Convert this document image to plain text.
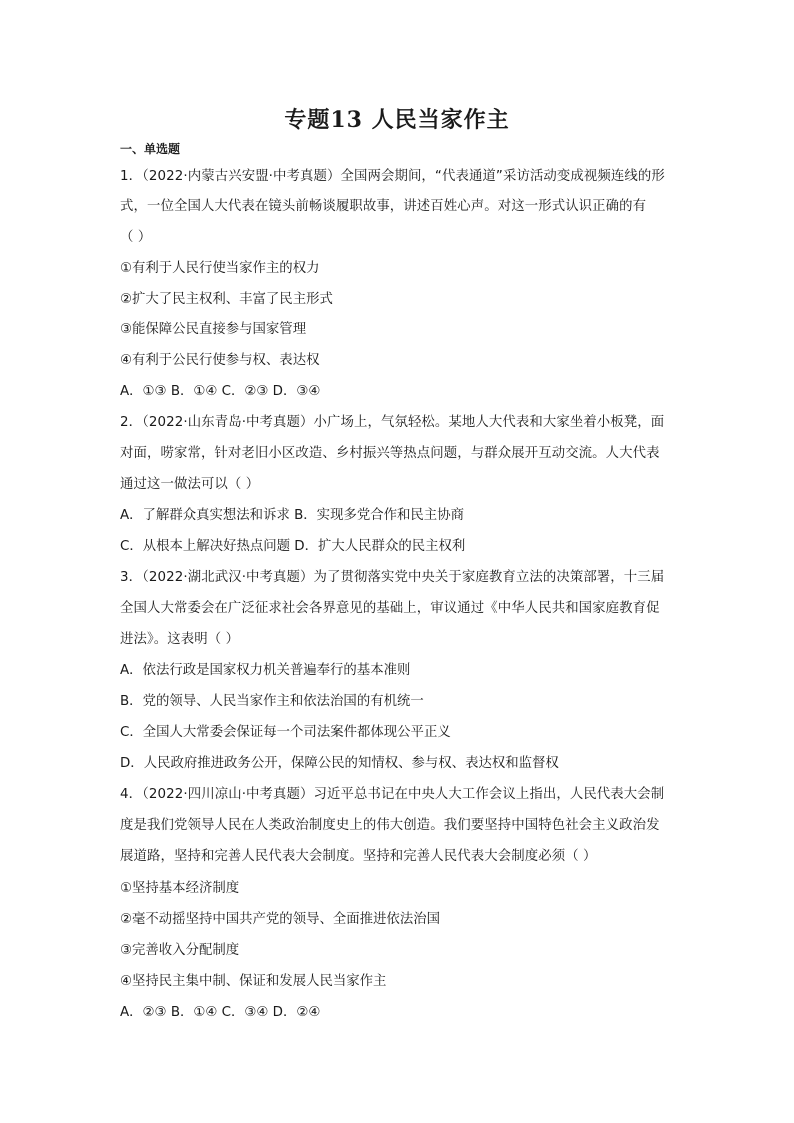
专题13 人民当家作主
一、单选题
1．（2022·内蒙古兴安盟·中考真题）全国两会期间，“代表通道”采访活动变成视频连线的形
式，一位全国人大代表在镜头前畅谈履职故事，讲述百姓心声。对这一形式认识正确的有
（ ）
①有利于人民行使当家作主的权力
②扩大了民主权利、丰富了民主形式
③能保障公民直接参与国家管理
④有利于公民行使参与权、表达权
A．①③ B．①④ C．②③ D．③④
2．（2022·山东青岛·中考真题）小广场上，气氛轻松。某地人大代表和大家坐着小板凳，面
对面，唠家常，针对老旧小区改造、乡村振兴等热点问题，与群众展开互动交流。人大代表
通过这一做法可以（ ）
A．了解群众真实想法和诉求 B．实现多党合作和民主协商
C．从根本上解决好热点问题 D．扩大人民群众的民主权利
3．（2022·湖北武汉·中考真题）为了贯彻落实党中央关于家庭教育立法的决策部署，十三届
全国人大常委会在广泛征求社会各界意见的基础上，审议通过《中华人民共和国家庭教育促
进法》。这表明（ ）
A．依法行政是国家权力机关普遍奉行的基本准则
B．党的领导、人民当家作主和依法治国的有机统一
C．全国人大常委会保证每一个司法案件都体现公平正义
D．人民政府推进政务公开，保障公民的知情权、参与权、表达权和监督权
4．（2022·四川凉山·中考真题）习近平总书记在中央人大工作会议上指出，人民代表大会制
度是我们党领导人民在人类政治制度史上的伟大创造。我们要坚持中国特色社会主义政治发
展道路，坚持和完善人民代表大会制度。坚持和完善人民代表大会制度必须（ ）
①坚持基本经济制度
②毫不动摇坚持中国共产党的领导、全面推进依法治国
③完善收入分配制度
④坚持民主集中制、保证和发展人民当家作主
A．②③ B．①④ C．③④ D．②④
